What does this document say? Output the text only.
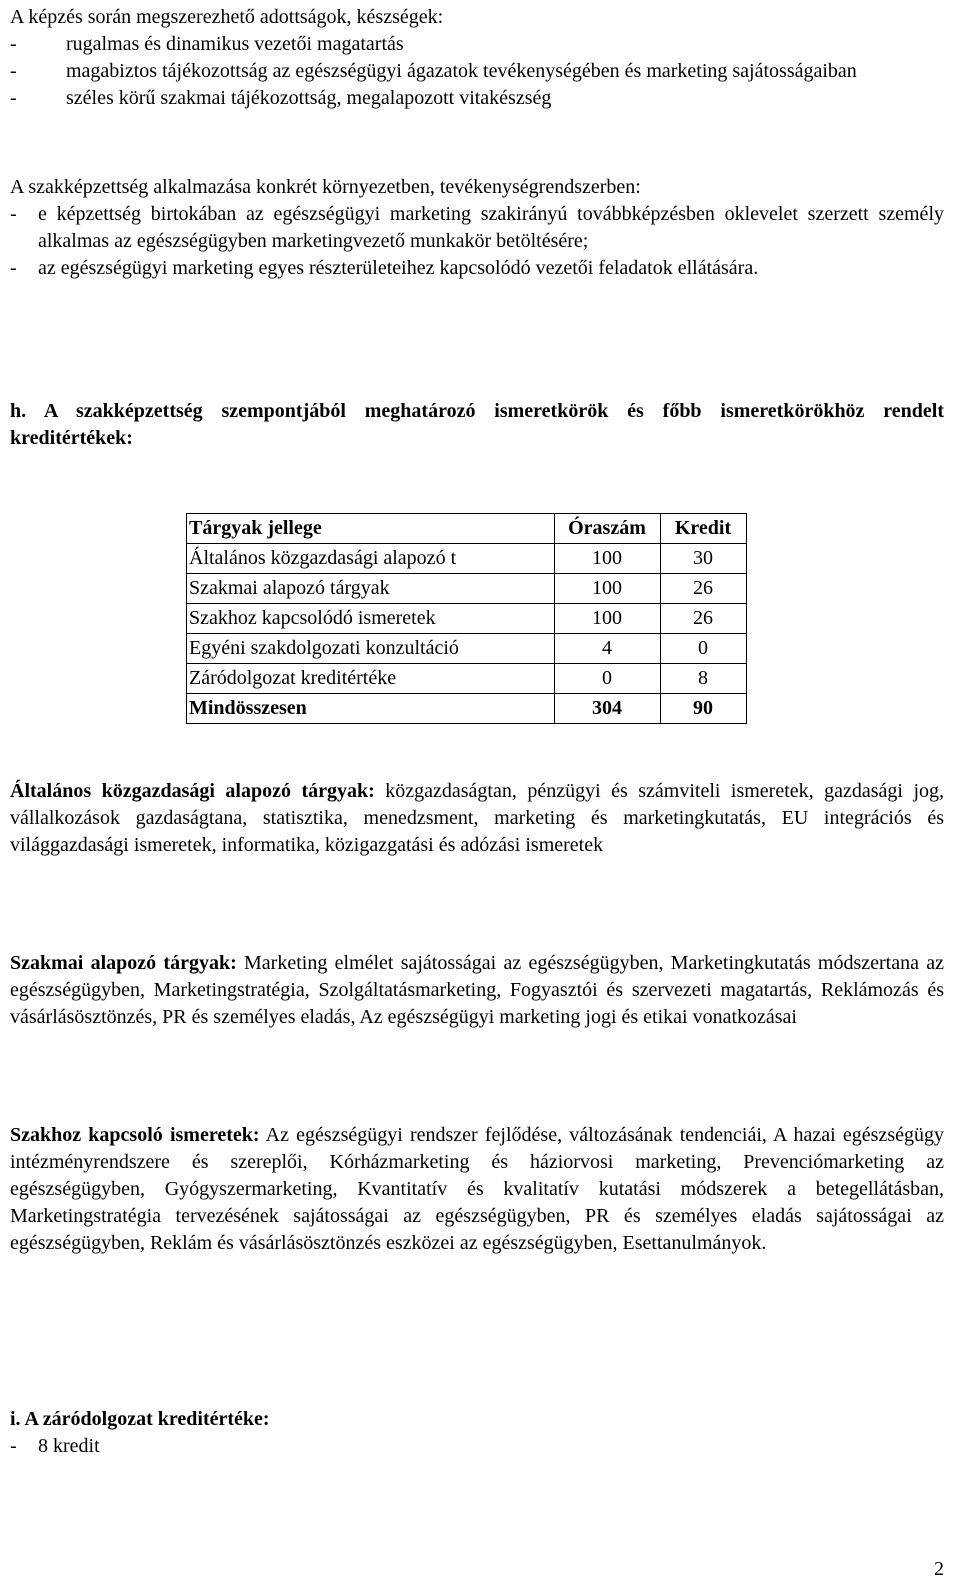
A képzés során megszerezhető adottságok, készségek:

-	rugalmas és dinamikus vezetői magatartás
-	magabiztos tájékozottság az egészségügyi ágazatok tevékenységében és marketing sajátosságaiban
-	széles körű szakmai tájékozottság, megalapozott vitakészség

A szakképzettség alkalmazása konkrét környezetben, tevékenységrendszerben:

-	e képzettség birtokában az egészségügyi marketing szakirányú továbbképzésben oklevelet szerzett személy alkalmas az egészségügyben marketingvezető munkakör betöltésére;
-	az egészségügyi marketing egyes részterületeihez kapcsolódó vezetői feladatok ellátására.

h. A szakképzettség szempontjából meghatározó ismeretkörök és főbb ismeretkörökhöz rendelt kreditértékek:

Tárgyak jellege	Óraszám	Kredit
Általános közgazdasági alapozó t	100	30
Szakmai alapozó tárgyak	100	26
Szakhoz kapcsolódó ismeretek	100	26
Egyéni szakdolgozati konzultáció	4	0
Záródolgozat kreditértéke	0	8
Mindösszesen	304	90

Általános közgazdasági alapozó tárgyak: közgazdaságtan, pénzügyi és számviteli ismeretek, gazdasági jog, vállalkozások gazdaságtana, statisztika, menedzsment, marketing és marketingkutatás, EU integrációs és világgazdasági ismeretek, informatika, közigazgatási és adózási ismeretek

Szakmai alapozó tárgyak: Marketing elmélet sajátosságai az egészségügyben, Marketingkutatás módszertana az egészségügyben, Marketingstratégia, Szolgáltatásmarketing, Fogyasztói és szervezeti magatartás, Reklámozás és vásárlásösztönzés, PR és személyes eladás, Az egészségügyi marketing jogi és etikai vonatkozásai

Szakhoz kapcsoló ismeretek: Az egészségügyi rendszer fejlődése, változásának tendenciái, A hazai egészségügy intézményrendszere és szereplői, Kórházmarketing és háziorvosi marketing, Prevenciómarketing az egészségügyben, Gyógyszermarketing, Kvantitatív és kvalitatív kutatási módszerek a betegellátásban, Marketingstratégia tervezésének sajátosságai az egészségügyben, PR és személyes eladás sajátosságai az egészségügyben, Reklám és vásárlásösztönzés eszközei az egészségügyben, Esettanulmányok.

i. A záródolgozat kreditértéke:

-	8 kredit
2
